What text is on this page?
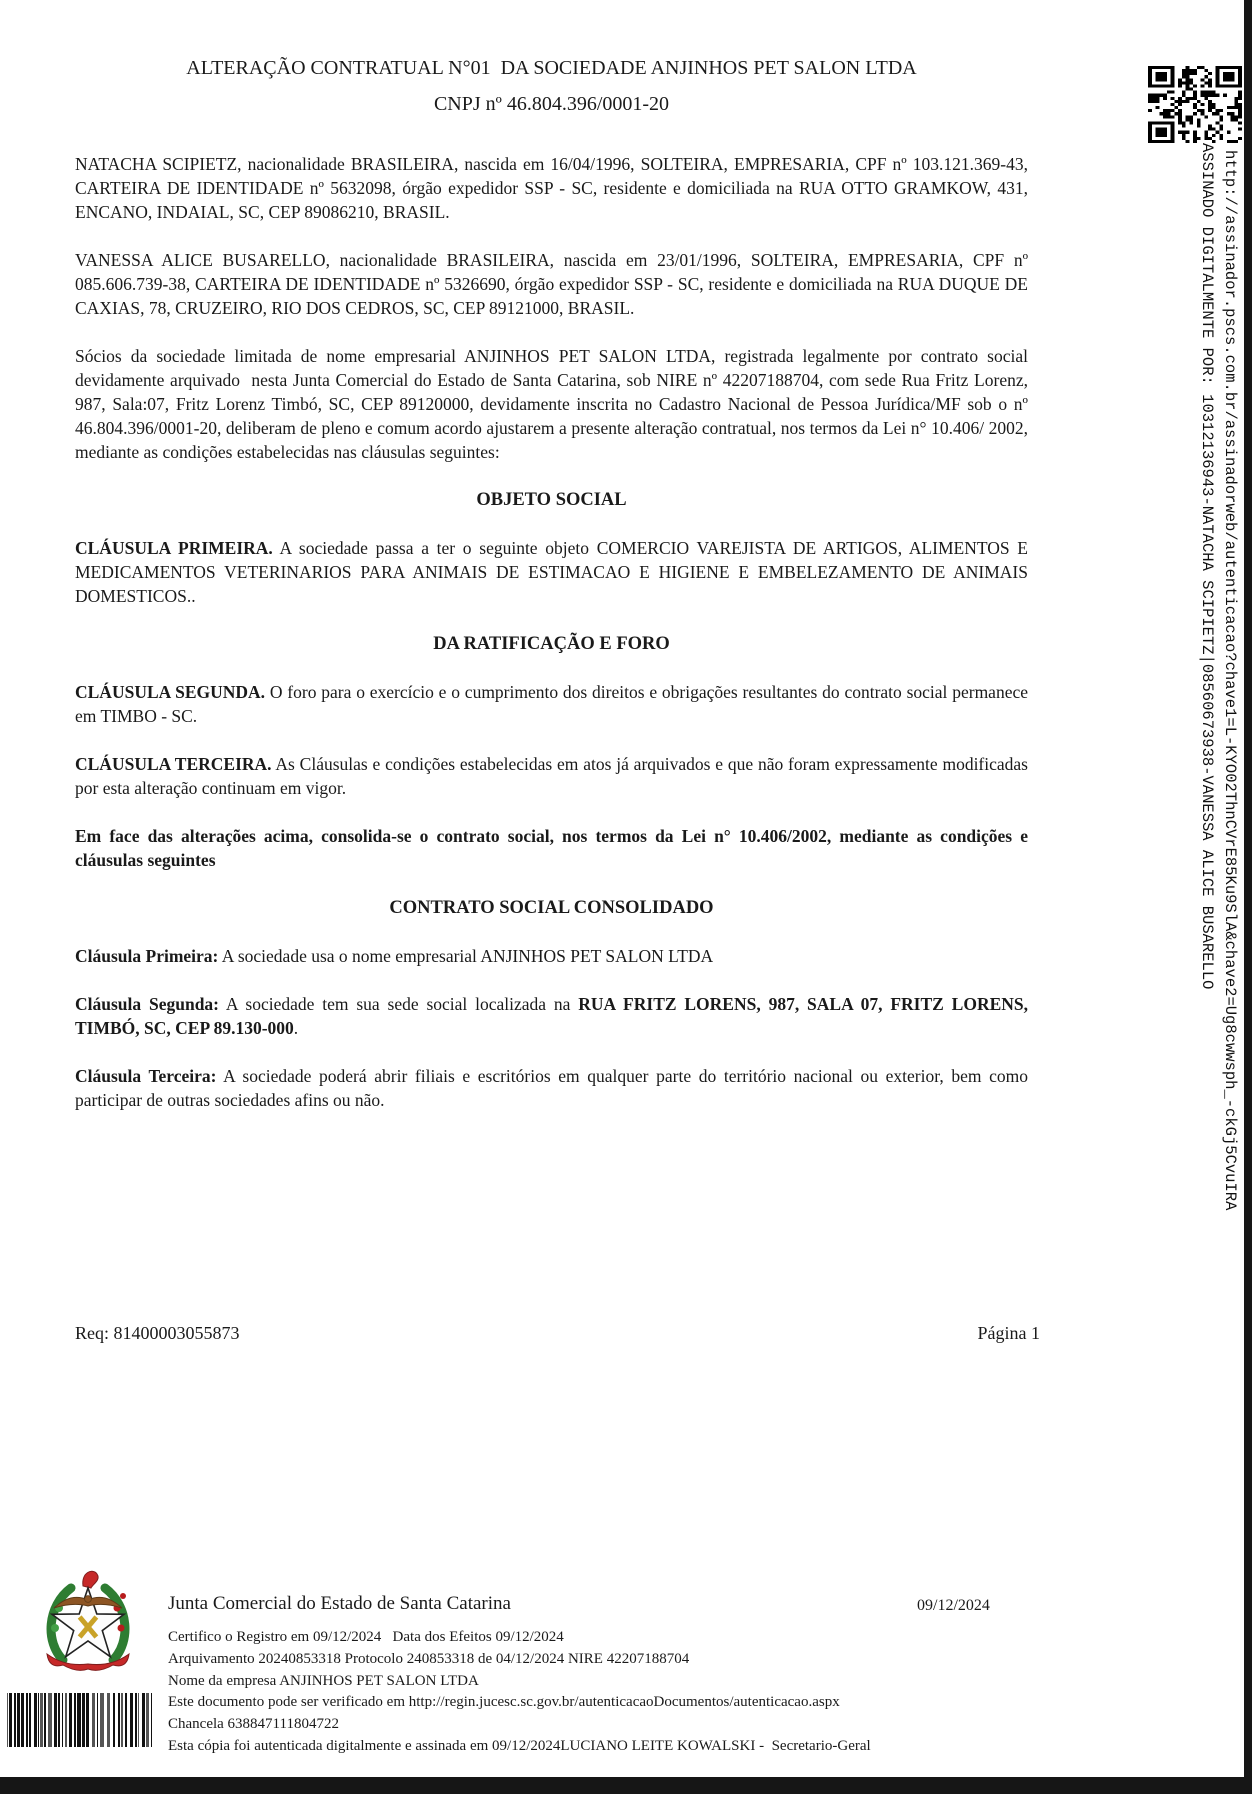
ALTERAÇÃO CONTRATUAL N°01  DA SOCIEDADE ANJINHOS PET SALON LTDA
CNPJ nº 46.804.396/0001-20

NATACHA SCIPIETZ, nacionalidade BRASILEIRA, nascida em 16/04/1996, SOLTEIRA, EMPRESARIA, CPF nº 103.121.369-43, CARTEIRA DE IDENTIDADE nº 5632098, órgão expedidor SSP - SC, residente e domiciliada na RUA OTTO GRAMKOW, 431, ENCANO, INDAIAL, SC, CEP 89086210, BRASIL.

VANESSA ALICE BUSARELLO, nacionalidade BRASILEIRA, nascida em 23/01/1996, SOLTEIRA, EMPRESARIA, CPF nº 085.606.739-38, CARTEIRA DE IDENTIDADE nº 5326690, órgão expedidor SSP - SC, residente e domiciliada na RUA DUQUE DE CAXIAS, 78, CRUZEIRO, RIO DOS CEDROS, SC, CEP 89121000, BRASIL.

Sócios da sociedade limitada de nome empresarial ANJINHOS PET SALON LTDA, registrada legalmente por contrato social devidamente arquivado  nesta Junta Comercial do Estado de Santa Catarina, sob NIRE nº 42207188704, com sede Rua Fritz Lorenz, 987, Sala:07, Fritz Lorenz Timbó, SC, CEP 89120000, devidamente inscrita no Cadastro Nacional de Pessoa Jurídica/MF sob o nº 46.804.396/0001-20, deliberam de pleno e comum acordo ajustarem a presente alteração contratual, nos termos da Lei n° 10.406/ 2002, mediante as condições estabelecidas nas cláusulas seguintes:

OBJETO SOCIAL

CLÁUSULA PRIMEIRA. A sociedade passa a ter o seguinte objeto COMERCIO VAREJISTA DE ARTIGOS, ALIMENTOS E MEDICAMENTOS VETERINARIOS PARA ANIMAIS DE ESTIMACAO E HIGIENE E EMBELEZAMENTO DE ANIMAIS DOMESTICOS..

DA RATIFICAÇÃO E FORO

CLÁUSULA SEGUNDA. O foro para o exercício e o cumprimento dos direitos e obrigações resultantes do contrato social permanece em TIMBO - SC.

CLÁUSULA TERCEIRA. As Cláusulas e condições estabelecidas em atos já arquivados e que não foram expressamente modificadas por esta alteração continuam em vigor.

Em face das alterações acima, consolida-se o contrato social, nos termos da Lei n° 10.406/2002, mediante as condições e cláusulas seguintes

CONTRATO SOCIAL CONSOLIDADO

Cláusula Primeira: A sociedade usa o nome empresarial ANJINHOS PET SALON LTDA

Cláusula Segunda: A sociedade tem sua sede social localizada na RUA FRITZ LORENS, 987, SALA 07, FRITZ LORENS, TIMBÓ, SC, CEP 89.130-000.

Cláusula Terceira: A sociedade poderá abrir filiais e escritórios em qualquer parte do território nacional ou exterior, bem como participar de outras sociedades afins ou não.

Req: 81400003055873	Página 1
ASSINADO DIGITALMENTE POR: 10312136943-NATACHA SCIPIETZ|08560673938-VANESSA ALICE BUSARELLO http://assinador.pscs.com.br/assinadorweb/autenticacao?chave1=L-KYO02ThnCVrE85Ku9SlA&chave2=Ug8cwwsph_-ckGj5CvuIRA
Junta Comercial do Estado de Santa Catarina	09/12/2024
Certifico o Registro em 09/12/2024   Data dos Efeitos 09/12/2024
Arquivamento 20240853318 Protocolo 240853318 de 04/12/2024 NIRE 42207188704
Nome da empresa ANJINHOS PET SALON LTDA
Este documento pode ser verificado em http://regin.jucesc.sc.gov.br/autenticacaoDocumentos/autenticacao.aspx
Chancela 638847111804722
Esta cópia foi autenticada digitalmente e assinada em 09/12/2024LUCIANO LEITE KOWALSKI -  Secretario-Geral
